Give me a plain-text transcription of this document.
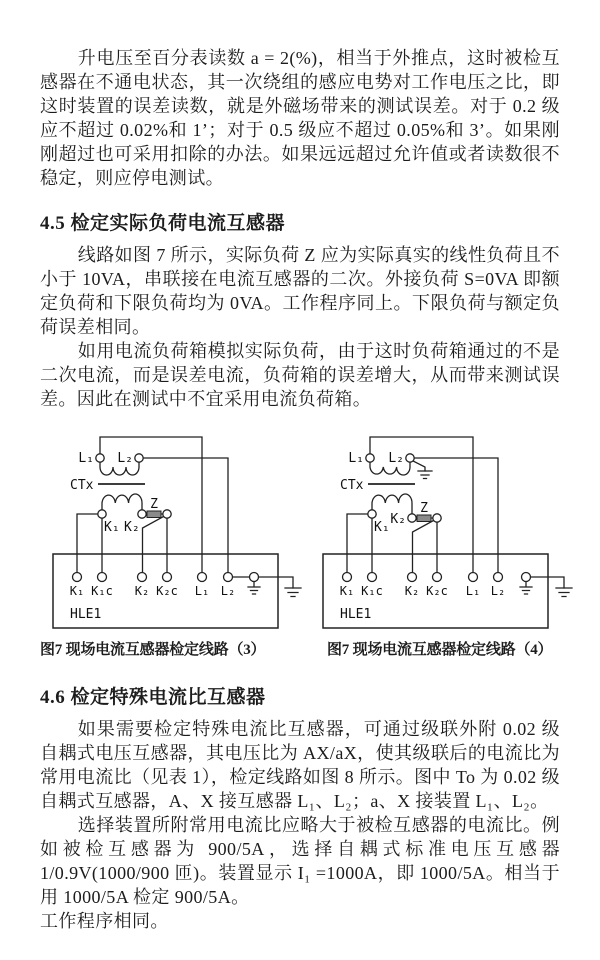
升电压至百分表读数 a = 2(%)，相当于外推点，这时被检互感器在不通电状态，其一次绕组的感应电势对工作电压之比，即这时装置的误差读数，就是外磁场带来的测试误差。对于 0.2 级应不超过 0.02%和 1’；对于 0.5 级应不超过 0.05%和 3’。如果刚刚超过也可采用扣除的办法。如果远远超过允许值或者读数很不稳定，则应停电测试。

4.5 检定实际负荷电流互感器

线路如图 7 所示，实际负荷 Z 应为实际真实的线性负荷且不小于 10VA，串联接在电流互感器的二次。外接负荷 S=0VA 即额定负荷和下限负荷均为 0VA。工作程序同上。下限负荷与额定负荷误差相同。

如用电流负荷箱模拟实际负荷，由于这时负荷箱通过的不是二次电流，而是误差电流，负荷箱的误差增大，从而带来测试误差。因此在测试中不宜采用电流负荷箱。

L₁ L₂
CTx
K₁ K₂
Z
K₁ K₁c K₂ K₂c L₁ L₂
HLE1
L₁ L₂
CTx
K₁
K₂
Z
K₁ K₁c K₂ K₂c L₁ L₂
HLE1
图7 现场电流互感器检定线路（3）	图7 现场电流互感器检定线路（4）
4.6 检定特殊电流比互感器

如果需要检定特殊电流比互感器，可通过级联外附 0.02 级自耦式电压互感器，其电压比为 AX/aX，使其级联后的电流比为常用电流比（见表 1），检定线路如图 8 所示。图中 To 为 0.02 级自耦式互感器，A、X 接互感器 L₁、L₂；a、X 接装置 L₁、L₂。

选择装置所附常用电流比应略大于被检互感器的电流比。例如被检互感器为 900/5A，选择自耦式标准电压互感器 1/0.9V(1000/900 匝)。装置显示 I₁ =1000A，即 1000/5A。相当于用 1000/5A 检定 900/5A。

工作程序相同。
